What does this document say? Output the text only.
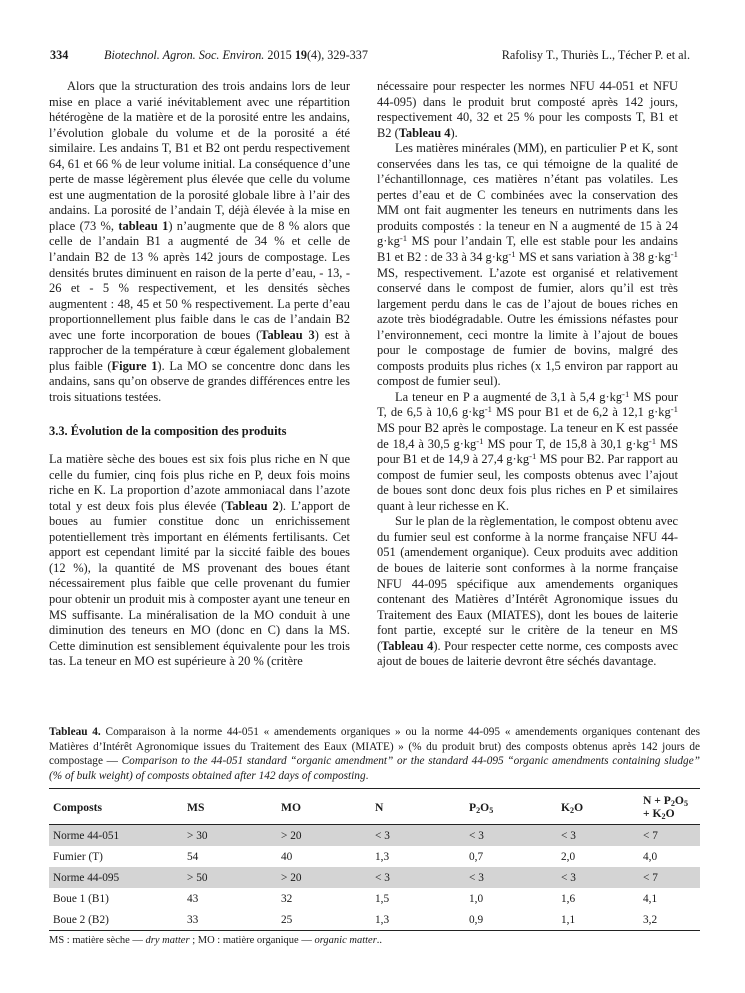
334	Biotechnol. Agron. Soc. Environ. 2015 19(4), 329-337	Rafolisy T., Thuriès L., Técher P. et al.

Alors que la structuration des trois andains lors de leur mise en place a varié inévitablement avec une répartition hétérogène de la matière et de la porosité entre les andains, l’évolution globale du volume et de la porosité a été similaire. Les andains T, B1 et B2 ont perdu respectivement 64, 61 et 66 % de leur volume initial. La conséquence d’une perte de masse légèrement plus élevée que celle du volume est une augmentation de la porosité globale libre à l’air des andains. La porosité de l’andain T, déjà élevée à la mise en place (73 %, tableau 1) n’augmente que de 8 % alors que celle de l’andain B1 a augmenté de 34 % et celle de l’andain B2 de 13 % après 142 jours de compostage. Les densités brutes diminuent en raison de la perte d’eau, - 13, - 26 et - 5 % respectivement, et les densités sèches augmentent : 48, 45 et 50 % respectivement. La perte d’eau proportionnellement plus faible dans le cas de l’andain B2 avec une forte incorporation de boues (Tableau 3) est à rapprocher de la température à cœur également globalement plus faible (Figure 1). La MO se concentre donc dans les andains, sans qu’on observe de grandes différences entre les trois situations testées.

3.3. Évolution de la composition des produits

La matière sèche des boues est six fois plus riche en N que celle du fumier, cinq fois plus riche en P, deux fois moins riche en K. La proportion d’azote ammoniacal dans l’azote total y est deux fois plus élevée (Tableau 2). L’apport de boues au fumier constitue donc un enrichissement potentiellement très important en éléments fertilisants. Cet apport est cependant limité par la siccité faible des boues (12 %), la quantité de MS provenant des boues étant nécessairement plus faible que celle provenant du fumier pour obtenir un produit mis à composter ayant une teneur en MS suffisante. La minéralisation de la MO conduit à une diminution des teneurs en MO (donc en C) dans la MS. Cette diminution est sensiblement équivalente pour les trois tas. La teneur en MO est supérieure à 20 % (critère

nécessaire pour respecter les normes NFU 44-051 et NFU 44-095) dans le produit brut composté après 142 jours, respectivement 40, 32 et 25 % pour les composts T, B1 et B2 (Tableau 4).

Les matières minérales (MM), en particulier P et K, sont conservées dans les tas, ce qui témoigne de la qualité de l’échantillonnage, ces matières n’étant pas volatiles. Les pertes d’eau et de C combinées avec la conservation des MM ont fait augmenter les teneurs en nutriments dans les produits compostés : la teneur en N a augmenté de 15 à 24 $g\cdot kg^{-1}$ MS pour l’andain T, elle est stable pour les andains B1 et B2 : de 33 à 34 $g\cdot kg^{-1}$ MS et sans variation à 38 $g\cdot kg^{-1}$ MS, respectivement. L’azote est organisé et relativement conservé dans le compost de fumier, alors qu’il est très largement perdu dans le cas de l’ajout de boues riches en azote très biodégradable. Outre les émissions néfastes pour l’environnement, ceci montre la limite à l’ajout de boues pour le compostage de fumier de bovins, malgré des composts produits plus riches (x 1,5 environ par rapport au compost de fumier seul).

La teneur en P a augmenté de 3,1 à 5,4 $g\cdot kg^{-1}$ MS pour T, de 6,5 à 10,6 $g\cdot kg^{-1}$ MS pour B1 et de 6,2 à 12,1 $g\cdot kg^{-1}$ MS pour B2 après le compostage. La teneur en K est passée de 18,4 à 30,5 $g\cdot kg^{-1}$ MS pour T, de 15,8 à 30,1 $g\cdot kg^{-1}$ MS pour B1 et de 14,9 à 27,4 $g\cdot kg^{-1}$ MS pour B2. Par rapport au compost de fumier seul, les composts obtenus avec l’ajout de boues sont donc deux fois plus riches en P et similaires quant à leur richesse en K.

Sur le plan de la règlementation, le compost obtenu avec du fumier seul est conforme à la norme française NFU 44-051 (amendement organique). Ceux produits avec addition de boues de laiterie sont conformes à la norme française NFU 44-095 spécifique aux amendements organiques contenant des Matières d’Intérêt Agronomique issues du Traitement des Eaux (MIATES), dont les boues de laiterie font partie, excepté sur le critère de la teneur en MS (Tableau 4). Pour respecter cette norme, ces composts avec ajout de boues de laiterie devront être séchés davantage.

Tableau 4. Comparaison à la norme 44-051 « amendements organiques » ou la norme 44-095 « amendements organiques contenant des Matières d’Intérêt Agronomique issues du Traitement des Eaux (MIATE) » (% du produit brut) des composts obtenus après 142 jours de compostage — Comparison to the 44-051 standard “organic amendment” or the standard 44-095 “organic amendments containing sludge” (% of bulk weight) of composts obtained after 142 days of composting.

Composts	MS	MO	N	$P_2O_5$	$K_2O$	$N + P_2O_5 + K_2O$
Norme 44-051	> 30	> 20	< 3	< 3	< 3	< 7
Fumier (T)	54	40	1,3	0,7	2,0	4,0
Norme 44-095	> 50	> 20	< 3	< 3	< 3	< 7
Boue 1 (B1)	43	32	1,5	1,0	1,6	4,1
Boue 2 (B2)	33	25	1,3	0,9	1,1	3,2
MS : matière sèche — dry matter ; MO : matière organique — organic matter..
